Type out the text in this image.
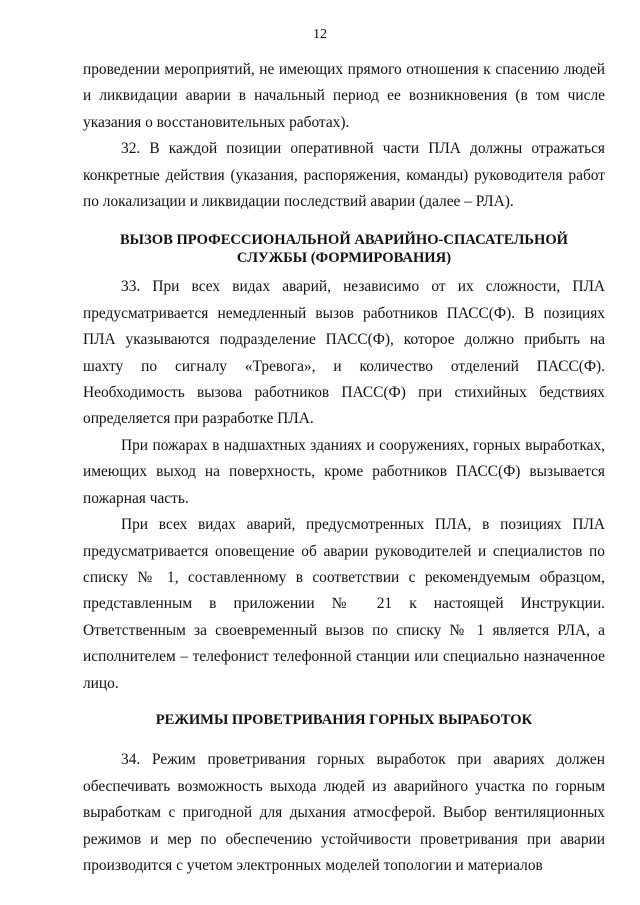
12

проведении мероприятий, не имеющих прямого отношения к спасению людей и ликвидации аварии в начальный период ее возникновения (в том числе указания о восстановительных работах).

32. В каждой позиции оперативной части ПЛА должны отражаться конкретные действия (указания, распоряжения, команды) руководителя работ по локализации и ликвидации последствий аварии (далее – РЛА).

ВЫЗОВ ПРОФЕССИОНАЛЬНОЙ АВАРИЙНО-СПАСАТЕЛЬНОЙ

СЛУЖБЫ (ФОРМИРОВАНИЯ)

33. При всех видах аварий, независимо от их сложности, ПЛА предусматривается немедленный вызов работников ПАСС(Ф). В позициях ПЛА указываются подразделение ПАСС(Ф), которое должно прибыть на шахту по сигналу «Тревога», и количество отделений ПАСС(Ф). Необходимость вызова работников ПАСС(Ф) при стихийных бедствиях определяется при разработке ПЛА.

При пожарах в надшахтных зданиях и сооружениях, горных выработках, имеющих выход на поверхность, кроме работников ПАСС(Ф) вызывается пожарная часть.

При всех видах аварий, предусмотренных ПЛА, в позициях ПЛА предусматривается оповещение об аварии руководителей и специалистов по списку № 1, составленному в соответствии с рекомендуемым образцом, представленным в приложении № 21 к настоящей Инструкции. Ответственным за своевременный вызов по списку № 1 является РЛА, а исполнителем – телефонист телефонной станции или специально назначенное лицо.

РЕЖИМЫ ПРОВЕТРИВАНИЯ ГОРНЫХ ВЫРАБОТОК

34. Режим проветривания горных выработок при авариях должен обеспечивать возможность выхода людей из аварийного участка по горным выработкам с пригодной для дыхания атмосферой. Выбор вентиляционных режимов и мер по обеспечению устойчивости проветривания при аварии производится с учетом электронных моделей топологии и материалов
